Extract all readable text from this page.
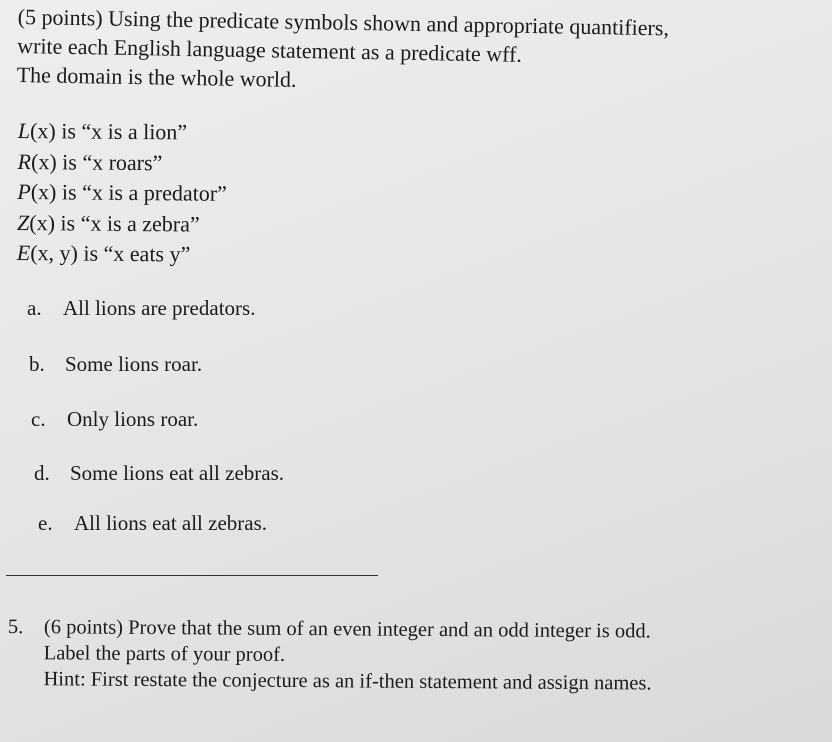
(5 points) Using the predicate symbols shown and appropriate quantifiers,
write each English language statement as a predicate wff.
The domain is the whole world.
L(x) is “x is a lion”
R(x) is “x roars”
P(x) is “x is a predator”
Z(x) is “x is a zebra”
E(x, y) is “x eats y”
a. All lions are predators.
b. Some lions roar.
c. Only lions roar.
d. Some lions eat all zebras.
e. All lions eat all zebras.
5. (6 points) Prove that the sum of an even integer and an odd integer is odd.
Label the parts of your proof.
Hint: First restate the conjecture as an if-then statement and assign names.
